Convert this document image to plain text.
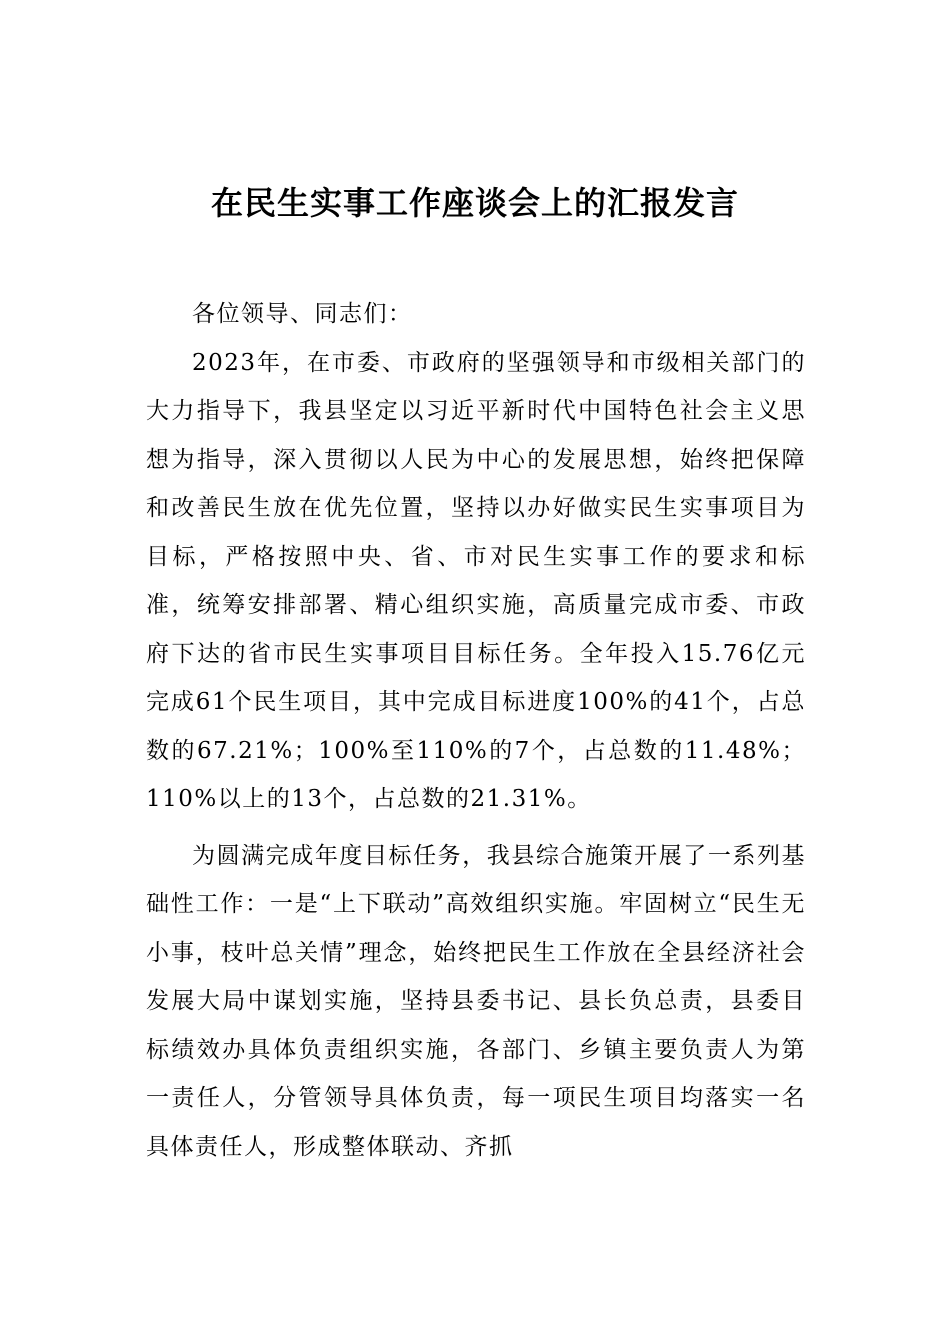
在民生实事工作座谈会上的汇报发言

各位领导、同志们：

2023年，在市委、市政府的坚强领导和市级相关部门的大力指导下，我县坚定以习近平新时代中国特色社会主义思想为指导，深入贯彻以人民为中心的发展思想，始终把保障和改善民生放在优先位置，坚持以办好做实民生实事项目为目标，严格按照中央、省、市对民生实事工作的要求和标准，统筹安排部署、精心组织实施，高质量完成市委、市政府下达的省市民生实事项目目标任务。全年投入15.76亿元完成61个民生项目，其中完成目标进度100%的41个，占总数的67.21%；100%至110%的7个，占总数的11.48%；110%以上的13个，占总数的21.31%。

为圆满完成年度目标任务，我县综合施策开展了一系列基础性工作：一是“上下联动”高效组织实施。牢固树立“民生无小事，枝叶总关情”理念，始终把民生工作放在全县经济社会发展大局中谋划实施，坚持县委书记、县长负总责，县委目标绩效办具体负责组织实施，各部门、乡镇主要负责人为第一责任人，分管领导具体负责，每一项民生项目均落实一名具体责任人，形成整体联动、齐抓
